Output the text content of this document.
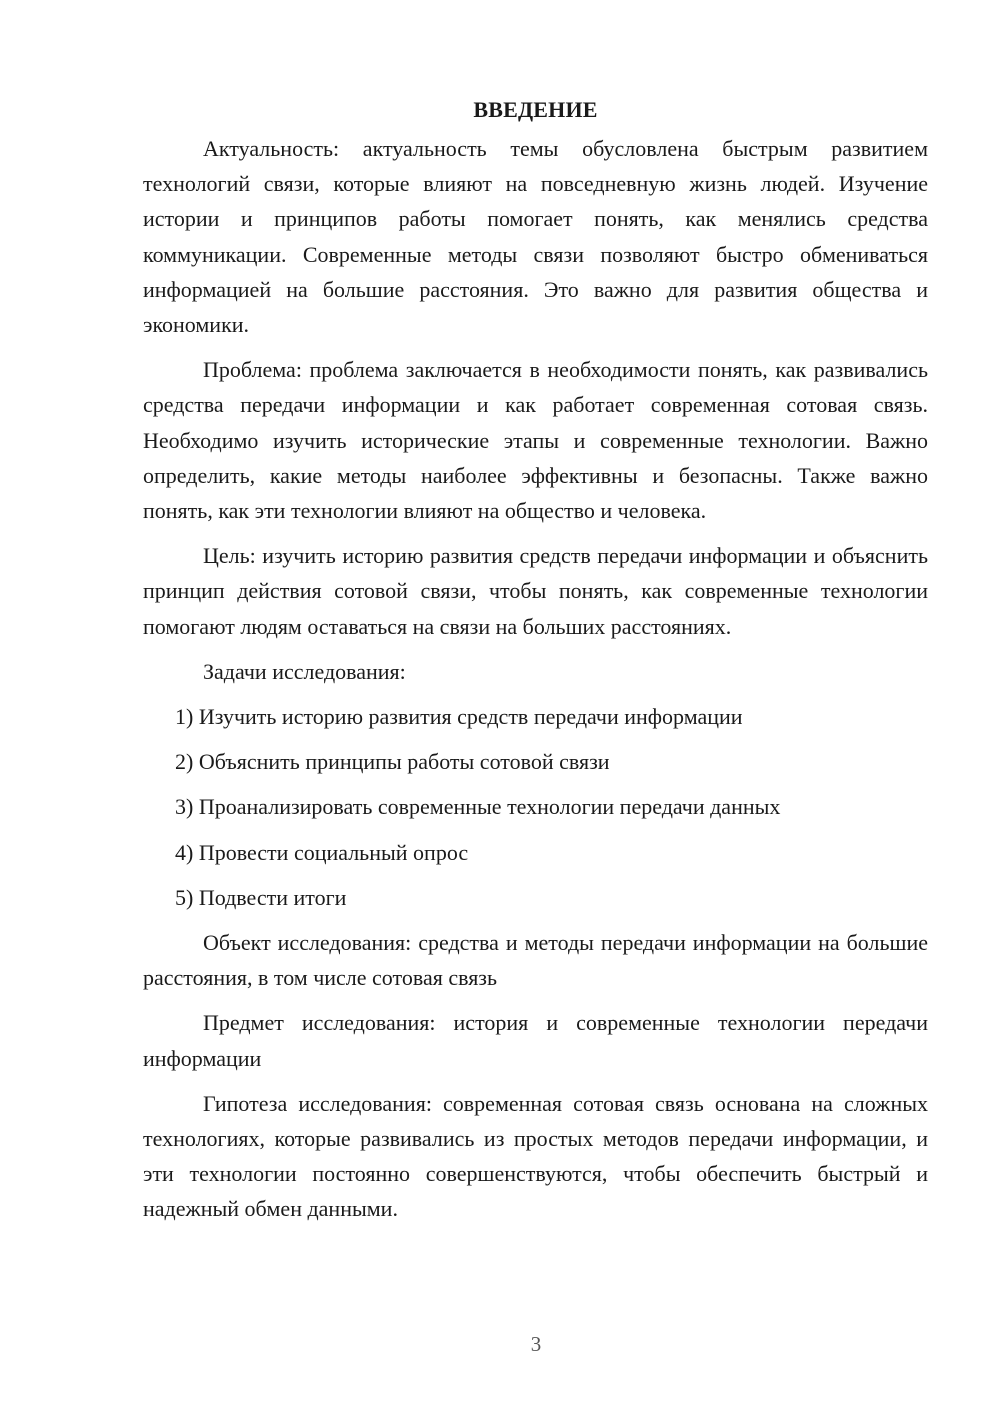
ВВЕДЕНИЕ

Актуальность: актуальность темы обусловлена быстрым развитием технологий связи, которые влияют на повседневную жизнь людей. Изучение истории и принципов работы помогает понять, как менялись средства коммуникации. Современные методы связи позволяют быстро обмениваться информацией на большие расстояния. Это важно для развития общества и экономики.

Проблема: проблема заключается в необходимости понять, как развивались средства передачи информации и как работает современная сотовая связь. Необходимо изучить исторические этапы и современные технологии. Важно определить, какие методы наиболее эффективны и безопасны. Также важно понять, как эти технологии влияют на общество и человека.

Цель: изучить историю развития средств передачи информации и объяснить принцип действия сотовой связи, чтобы понять, как современные технологии помогают людям оставаться на связи на больших расстояниях.

Задачи исследования:

1) Изучить историю развития средств передачи информации
2) Объяснить принципы работы сотовой связи
3) Проанализировать современные технологии передачи данных
4) Провести социальный опрос
5) Подвести итоги

Объект исследования: средства и методы передачи информации на большие расстояния, в том числе сотовая связь

Предмет исследования: история и современные технологии передачи информации

Гипотеза исследования: современная сотовая связь основана на сложных технологиях, которые развивались из простых методов передачи информации, и эти технологии постоянно совершенствуются, чтобы обеспечить быстрый и надежный обмен данными.

3
